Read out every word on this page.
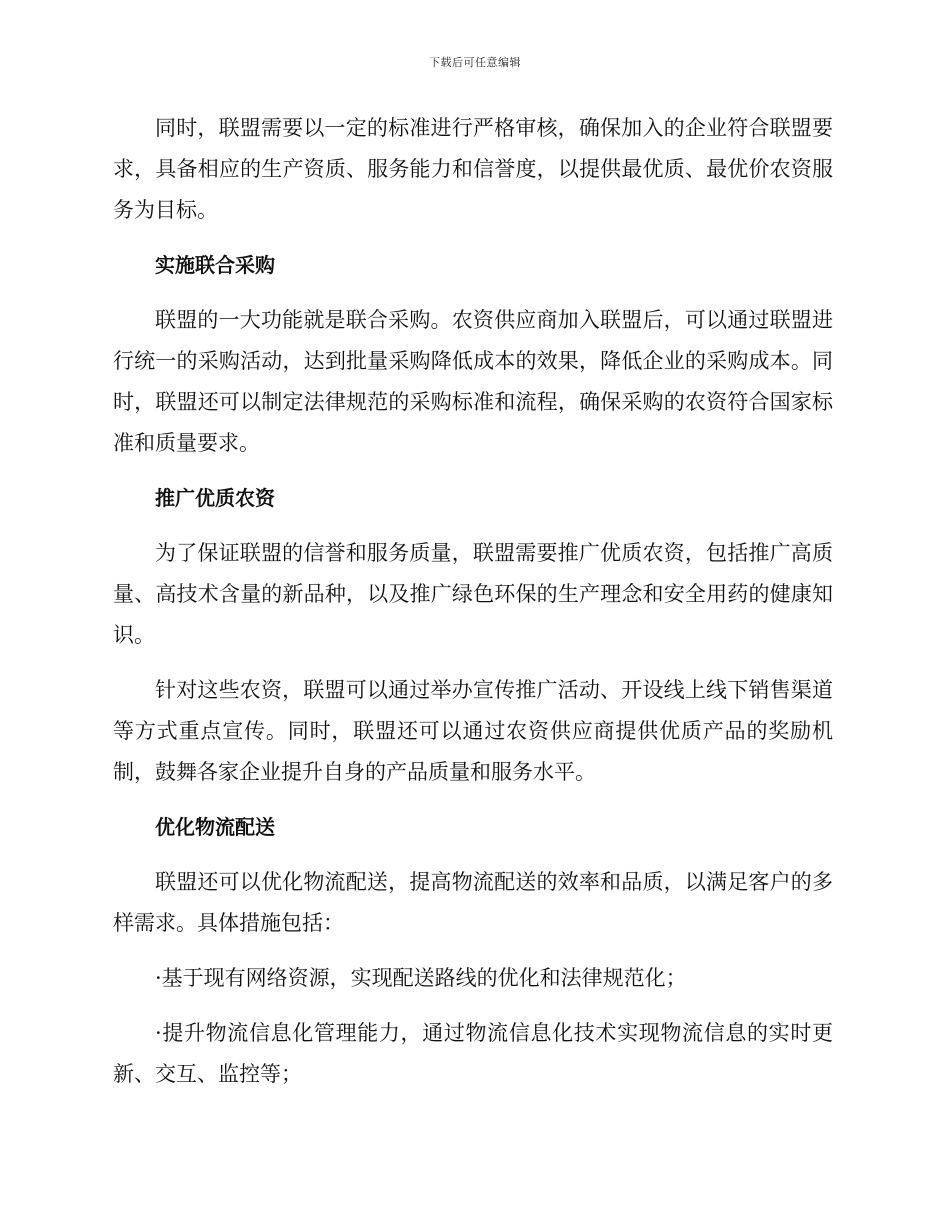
下载后可任意编辑

同时，联盟需要以一定的标准进行严格审核，确保加入的企业符合联盟要求，具备相应的生产资质、服务能力和信誉度，以提供最优质、最优价农资服务为目标。

实施联合采购

联盟的一大功能就是联合采购。农资供应商加入联盟后，可以通过联盟进行统一的采购活动，达到批量采购降低成本的效果，降低企业的采购成本。同时，联盟还可以制定法律规范的采购标准和流程，确保采购的农资符合国家标准和质量要求。

推广优质农资

为了保证联盟的信誉和服务质量，联盟需要推广优质农资，包括推广高质量、高技术含量的新品种，以及推广绿色环保的生产理念和安全用药的健康知识。

针对这些农资，联盟可以通过举办宣传推广活动、开设线上线下销售渠道等方式重点宣传。同时，联盟还可以通过农资供应商提供优质产品的奖励机制，鼓舞各家企业提升自身的产品质量和服务水平。

优化物流配送

联盟还可以优化物流配送，提高物流配送的效率和品质，以满足客户的多样需求。具体措施包括：

·基于现有网络资源，实现配送路线的优化和法律规范化；

·提升物流信息化管理能力，通过物流信息化技术实现物流信息的实时更新、交互、监控等；
